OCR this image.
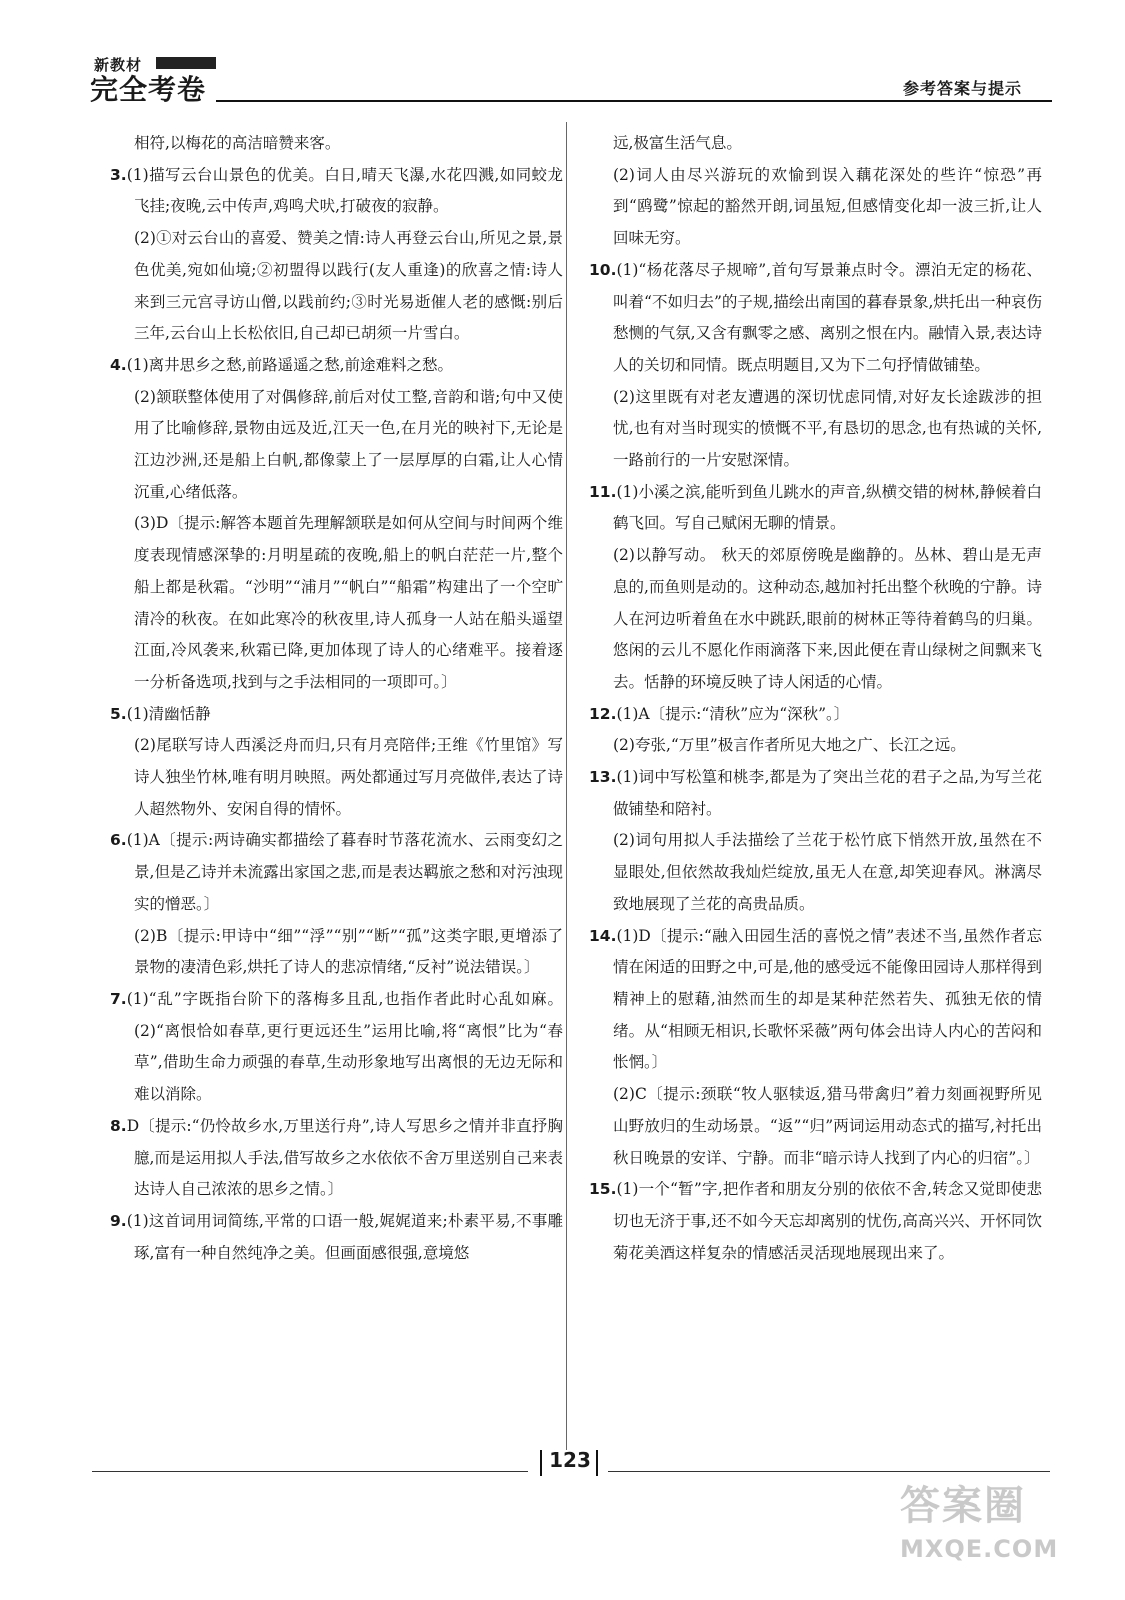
新教材
完全考卷	参考答案与提示

相符,以梅花的高洁暗赞来客。

3.(1)描写云台山景色的优美。白日,晴天飞瀑,水花四溅,如同蛟龙飞挂;夜晚,云中传声,鸡鸣犬吠,打破夜的寂静。

(2)①对云台山的喜爱、赞美之情:诗人再登云台山,所见之景,景色优美,宛如仙境;②初盟得以践行(友人重逢)的欣喜之情:诗人来到三元宫寻访山僧,以践前约;③时光易逝催人老的感慨:别后三年,云台山上长松依旧,自己却已胡须一片雪白。

4.(1)离井思乡之愁,前路遥遥之愁,前途难料之愁。

(2)颔联整体使用了对偶修辞,前后对仗工整,音韵和谐;句中又使用了比喻修辞,景物由远及近,江天一色,在月光的映衬下,无论是江边沙洲,还是船上白帆,都像蒙上了一层厚厚的白霜,让人心情沉重,心绪低落。

(3)D〔提示:解答本题首先理解颔联是如何从空间与时间两个维度表现情感深挚的:月明星疏的夜晚,船上的帆白茫茫一片,整个船上都是秋霜。“沙明”“浦月”“帆白”“船霜”构建出了一个空旷清冷的秋夜。在如此寒冷的秋夜里,诗人孤身一人站在船头遥望江面,冷风袭来,秋霜已降,更加体现了诗人的心绪难平。接着逐一分析备选项,找到与之手法相同的一项即可。〕

5.(1)清幽恬静

(2)尾联写诗人西溪泛舟而归,只有月亮陪伴;王维《竹里馆》写诗人独坐竹林,唯有明月映照。两处都通过写月亮做伴,表达了诗人超然物外、安闲自得的情怀。

6.(1)A〔提示:两诗确实都描绘了暮春时节落花流水、云雨变幻之景,但是乙诗并未流露出家国之悲,而是表达羁旅之愁和对污浊现实的憎恶。〕

(2)B〔提示:甲诗中“细”“浮”“别”“断”“孤”这类字眼,更增添了景物的凄清色彩,烘托了诗人的悲凉情绪,“反衬”说法错误。〕

7.(1)“乱”字既指台阶下的落梅多且乱,也指作者此时心乱如麻。 (2)“离恨恰如春草,更行更远还生”运用比喻,将“离恨”比为“春草”,借助生命力顽强的春草,生动形象地写出离恨的无边无际和难以消除。

8.D〔提示:“仍怜故乡水,万里送行舟”,诗人写思乡之情并非直抒胸臆,而是运用拟人手法,借写故乡之水依依不舍万里送别自己来表达诗人自己浓浓的思乡之情。〕

9.(1)这首词用词简练,平常的口语一般,娓娓道来;朴素平易,不事雕琢,富有一种自然纯净之美。但画面感很强,意境悠

远,极富生活气息。

(2)词人由尽兴游玩的欢愉到误入藕花深处的些许“惊恐”再到“鸥鹭”惊起的豁然开朗,词虽短,但感情变化却一波三折,让人回味无穷。

10.(1)“杨花落尽子规啼”,首句写景兼点时令。漂泊无定的杨花、叫着“不如归去”的子规,描绘出南国的暮春景象,烘托出一种哀伤愁恻的气氛,又含有飘零之感、离别之恨在内。融情入景,表达诗人的关切和同情。既点明题目,又为下二句抒情做铺垫。

(2)这里既有对老友遭遇的深切忧虑同情,对好友长途跋涉的担忧,也有对当时现实的愤慨不平,有恳切的思念,也有热诚的关怀,一路前行的一片安慰深情。

11.(1)小溪之滨,能听到鱼儿跳水的声音,纵横交错的树林,静候着白鹤飞回。写自己赋闲无聊的情景。

(2)以静写动。 秋天的郊原傍晚是幽静的。丛林、碧山是无声息的,而鱼则是动的。这种动态,越加衬托出整个秋晚的宁静。诗人在河边听着鱼在水中跳跃,眼前的树林正等待着鹤鸟的归巢。悠闲的云儿不愿化作雨滴落下来,因此便在青山绿树之间飘来飞去。恬静的环境反映了诗人闲适的心情。

12.(1)A〔提示:“清秋”应为“深秋”。〕

(2)夸张,“万里”极言作者所见大地之广、长江之远。

13.(1)词中写松篁和桃李,都是为了突出兰花的君子之品,为写兰花做铺垫和陪衬。

(2)词句用拟人手法描绘了兰花于松竹底下悄然开放,虽然在不显眼处,但依然故我灿烂绽放,虽无人在意,却笑迎春风。淋漓尽致地展现了兰花的高贵品质。

14.(1)D〔提示:“融入田园生活的喜悦之情”表述不当,虽然作者忘情在闲适的田野之中,可是,他的感受远不能像田园诗人那样得到精神上的慰藉,油然而生的却是某种茫然若失、孤独无依的情绪。从“相顾无相识,长歌怀采薇”两句体会出诗人内心的苦闷和怅惘。〕

(2)C〔提示:颈联“牧人驱犊返,猎马带禽归”着力刻画视野所见山野放归的生动场景。“返”“归”两词运用动态式的描写,衬托出秋日晚景的安详、宁静。而非“暗示诗人找到了内心的归宿”。〕

15.(1)一个“暂”字,把作者和朋友分别的依依不舍,转念又觉即使悲切也无济于事,还不如今天忘却离别的忧伤,高高兴兴、开怀同饮菊花美酒这样复杂的情感活灵活现地展现出来了。

123
答案圈
MXQE.COM
